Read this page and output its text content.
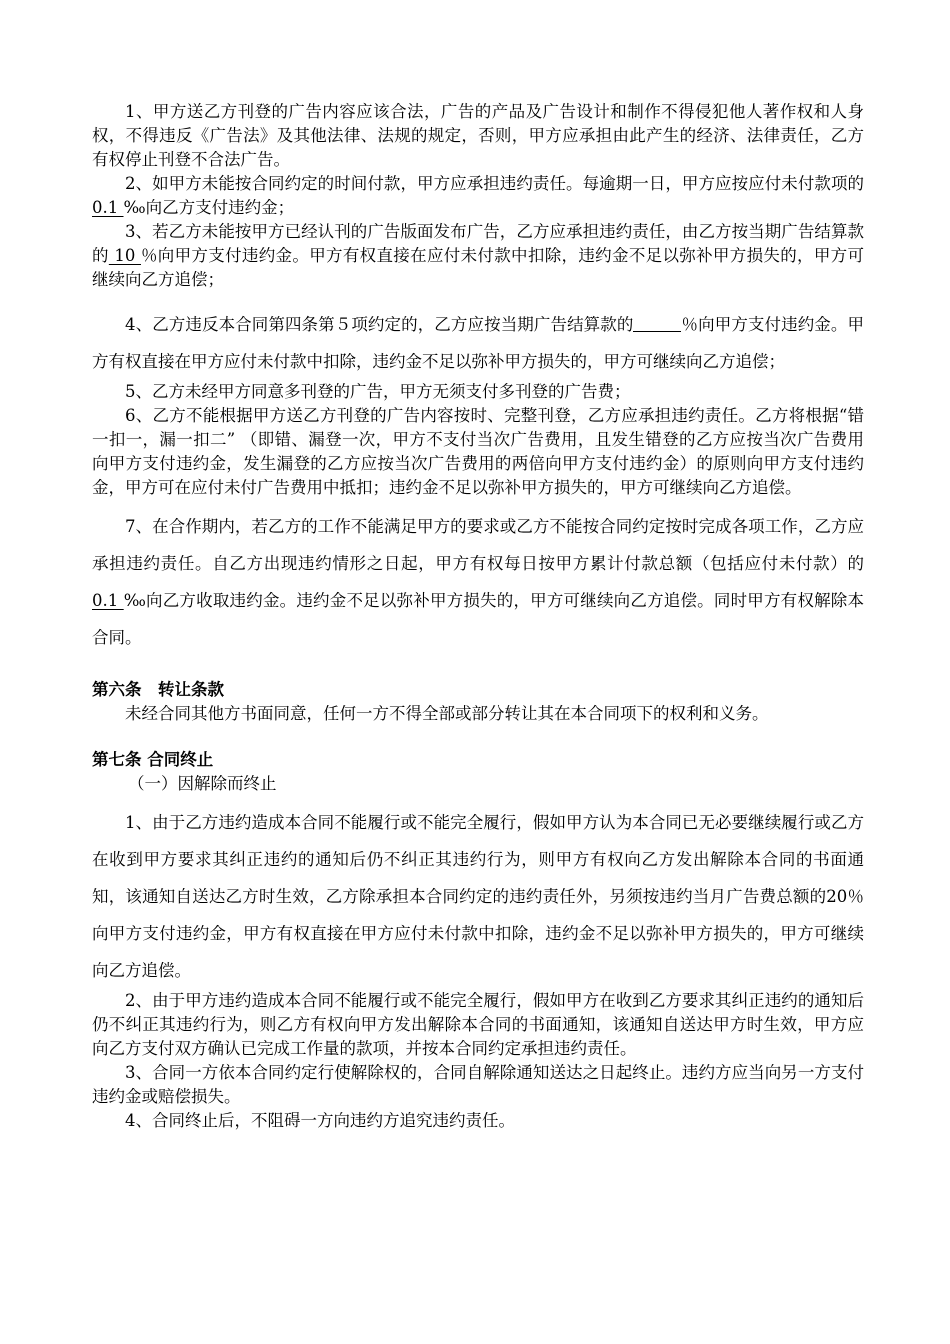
1、甲方送乙方刊登的广告内容应该合法，广告的产品及广告设计和制作不得侵犯他人著作权和人身权，不得违反《广告法》及其他法律、法规的规定，否则，甲方应承担由此产生的经济、法律责任，乙方有权停止刊登不合法广告。

2、如甲方未能按合同约定的时间付款，甲方应承担违约责任。每逾期一日，甲方应按应付未付款项的 0.1 ‰向乙方支付违约金；

3、若乙方未能按甲方已经认刊的广告版面发布广告，乙方应承担违约责任，由乙方按当期广告结算款的 10 ％向甲方支付违约金。甲方有权直接在应付未付款中扣除，违约金不足以弥补甲方损失的，甲方可继续向乙方追偿；

4、乙方违反本合同第四条第５项约定的，乙方应按当期广告结算款的	％向甲方支付违约金。甲方有权直接在甲方应付未付款中扣除，违约金不足以弥补甲方损失的，甲方可继续向乙方追偿；

5、乙方未经甲方同意多刊登的广告，甲方无须支付多刊登的广告费；

6、乙方不能根据甲方送乙方刊登的广告内容按时、完整刊登，乙方应承担违约责任。乙方将根据“错一扣一，漏一扣二” （即错、漏登一次，甲方不支付当次广告费用，且发生错登的乙方应按当次广告费用向甲方支付违约金，发生漏登的乙方应按当次广告费用的两倍向甲方支付违约金）的原则向甲方支付违约金，甲方可在应付未付广告费用中抵扣；违约金不足以弥补甲方损失的，甲方可继续向乙方追偿。

7、在合作期内，若乙方的工作不能满足甲方的要求或乙方不能按合同约定按时完成各项工作，乙方应承担违约责任。自乙方出现违约情形之日起，甲方有权每日按甲方累计付款总额（包括应付未付款）的 0.1 ‰向乙方收取违约金。违约金不足以弥补甲方损失的，甲方可继续向乙方追偿。同时甲方有权解除本合同。

第六条　转让条款

未经合同其他方书面同意，任何一方不得全部或部分转让其在本合同项下的权利和义务。

第七条 合同终止

（一）因解除而终止

1、由于乙方违约造成本合同不能履行或不能完全履行，假如甲方认为本合同已无必要继续履行或乙方在收到甲方要求其纠正违约的通知后仍不纠正其违约行为，则甲方有权向乙方发出解除本合同的书面通知，该通知自送达乙方时生效，乙方除承担本合同约定的违约责任外，另须按违约当月广告费总额的20％向甲方支付违约金，甲方有权直接在甲方应付未付款中扣除，违约金不足以弥补甲方损失的，甲方可继续向乙方追偿。

2、由于甲方违约造成本合同不能履行或不能完全履行，假如甲方在收到乙方要求其纠正违约的通知后仍不纠正其违约行为，则乙方有权向甲方发出解除本合同的书面通知，该通知自送达甲方时生效，甲方应向乙方支付双方确认已完成工作量的款项，并按本合同约定承担违约责任。

3、合同一方依本合同约定行使解除权的，合同自解除通知送达之日起终止。违约方应当向另一方支付违约金或赔偿损失。

4、合同终止后，不阻碍一方向违约方追究违约责任。
